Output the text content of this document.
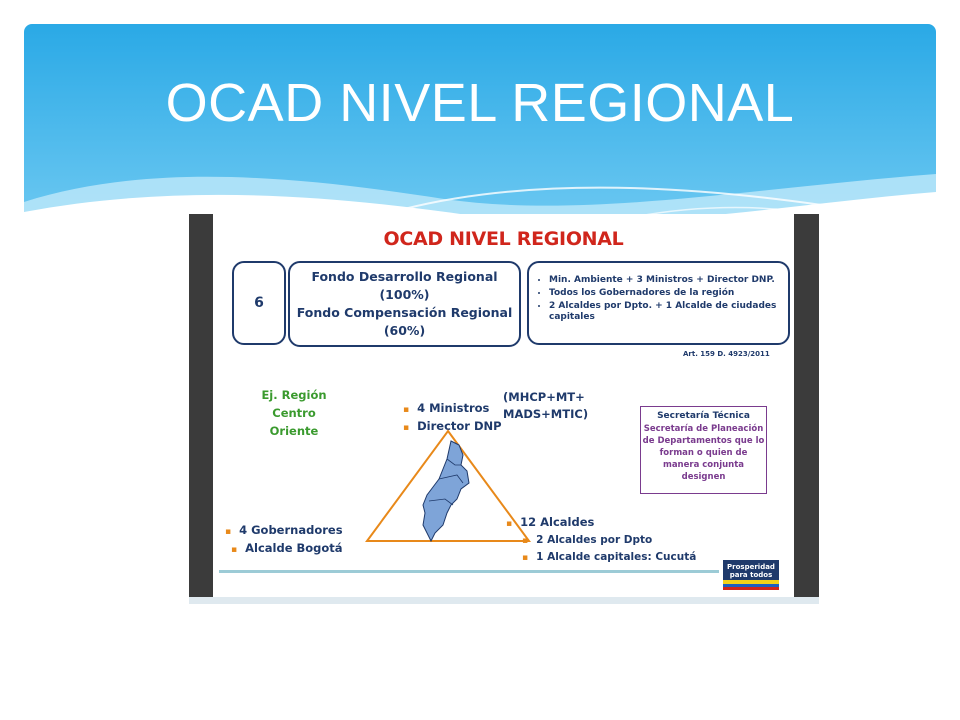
OCAD NIVEL REGIONAL
OCAD NIVEL REGIONAL
6
Fondo Desarrollo Regional
(100%)
Fondo Compensación Regional
(60%)
• Min. Ambiente + 3 Ministros + Director DNP.
• Todos los Gobernadores de la región
• 2 Alcaldes por Dpto. + 1 Alcalde de ciudades capitales
Art. 159 D. 4923/2011
Ej. Región
Centro
Oriente
▪ 4 Ministros
▪ Director DNP
(MHCP+MT+
MADS+MTIC)	Secretaría Técnica
Secretaría de Planeación
de Departamentos que lo
forman o quien de
manera conjunta
designen
▪ 4 Gobernadores
▪ Alcalde Bogotá
▪ 12 Alcaldes
▪ 2 Alcaldes por Dpto
▪ 1 Alcalde capitales: Cucutá
Prosperidad
para todos
